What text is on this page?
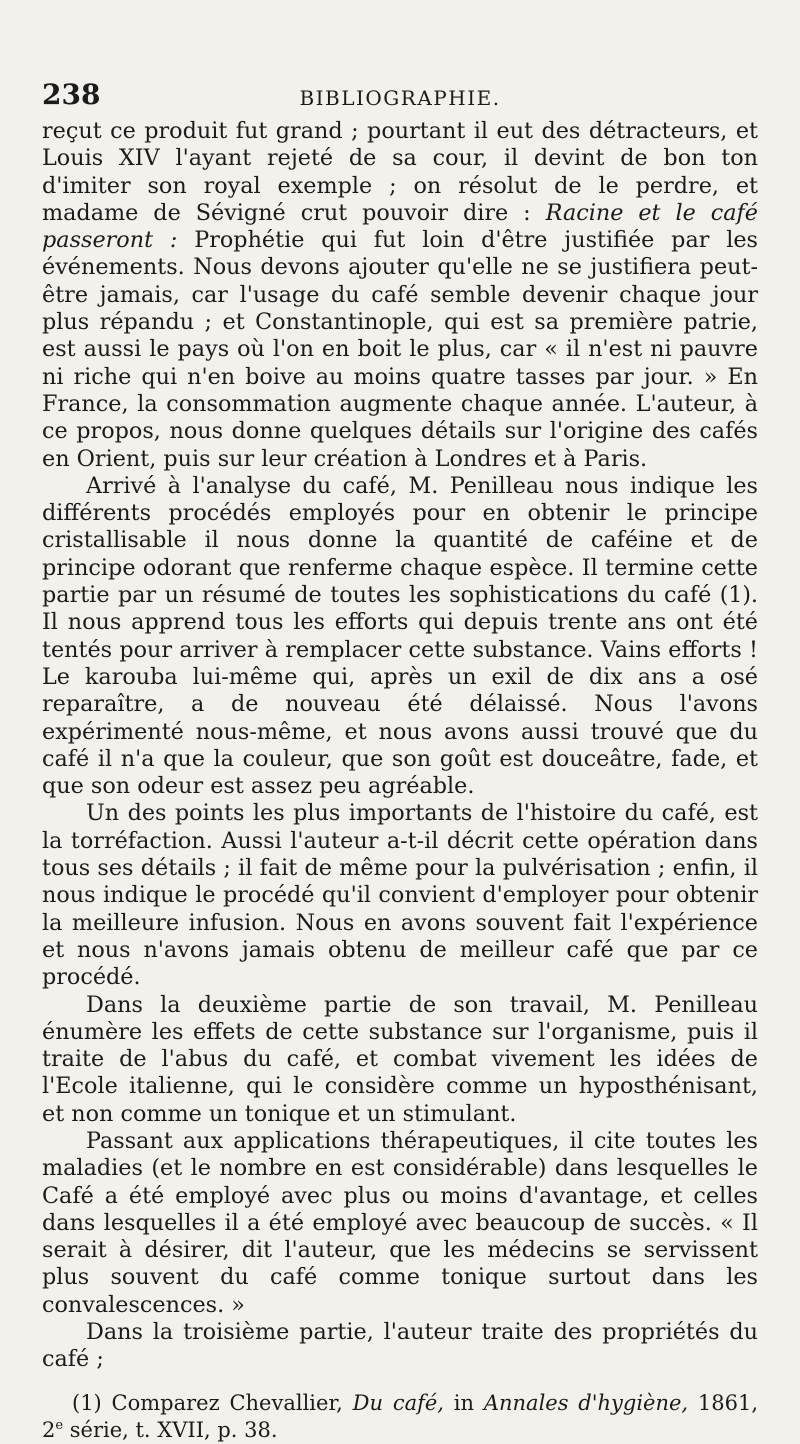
238	BIBLIOGRAPHIE.

reçut ce produit fut grand ; pourtant il eut des détracteurs, et Louis XIV l'ayant rejeté de sa cour, il devint de bon ton d'imiter son royal exemple ; on résolut de le perdre, et madame de Sévigné crut pouvoir dire : Racine et le café passeront : Prophétie qui fut loin d'être justifiée par les événements. Nous devons ajouter qu'elle ne se justifiera peut-être jamais, car l'usage du café semble devenir chaque jour plus répandu ; et Constantinople, qui est sa première patrie, est aussi le pays où l'on en boit le plus, car « il n'est ni pauvre ni riche qui n'en boive au moins quatre tasses par jour. » En France, la consommation augmente chaque année. L'auteur, à ce propos, nous donne quelques détails sur l'origine des cafés en Orient, puis sur leur création à Londres et à Paris.

Arrivé à l'analyse du café, M. Penilleau nous indique les différents procédés employés pour en obtenir le principe cristallisable il nous donne la quantité de caféine et de principe odorant que renferme chaque espèce. Il termine cette partie par un résumé de toutes les sophistications du café (1). Il nous apprend tous les efforts qui depuis trente ans ont été tentés pour arriver à remplacer cette substance. Vains efforts ! Le karouba lui-même qui, après un exil de dix ans a osé reparaître, a de nouveau été délaissé. Nous l'avons expérimenté nous-même, et nous avons aussi trouvé que du café il n'a que la couleur, que son goût est douceâtre, fade, et que son odeur est assez peu agréable.

Un des points les plus importants de l'histoire du café, est la torréfaction. Aussi l'auteur a-t-il décrit cette opération dans tous ses détails ; il fait de même pour la pulvérisation ; enfin, il nous indique le procédé qu'il convient d'employer pour obtenir la meilleure infusion. Nous en avons souvent fait l'expérience et nous n'avons jamais obtenu de meilleur café que par ce procédé.

Dans la deuxième partie de son travail, M. Penilleau énumère les effets de cette substance sur l'organisme, puis il traite de l'abus du café, et combat vivement les idées de l'Ecole italienne, qui le considère comme un hyposthénisant, et non comme un tonique et un stimulant.

Passant aux applications thérapeutiques, il cite toutes les maladies (et le nombre en est considérable) dans lesquelles le Café a été employé avec plus ou moins d'avantage, et celles dans lesquelles il a été employé avec beaucoup de succès. « Il serait à désirer, dit l'auteur, que les médecins se servissent plus souvent du café comme tonique surtout dans les convalescences. »

Dans la troisième partie, l'auteur traite des propriétés du café ;

(1) Comparez Chevallier, Du café, in Annales d'hygiène, 1861, 2e série, t. XVII, p. 38.
